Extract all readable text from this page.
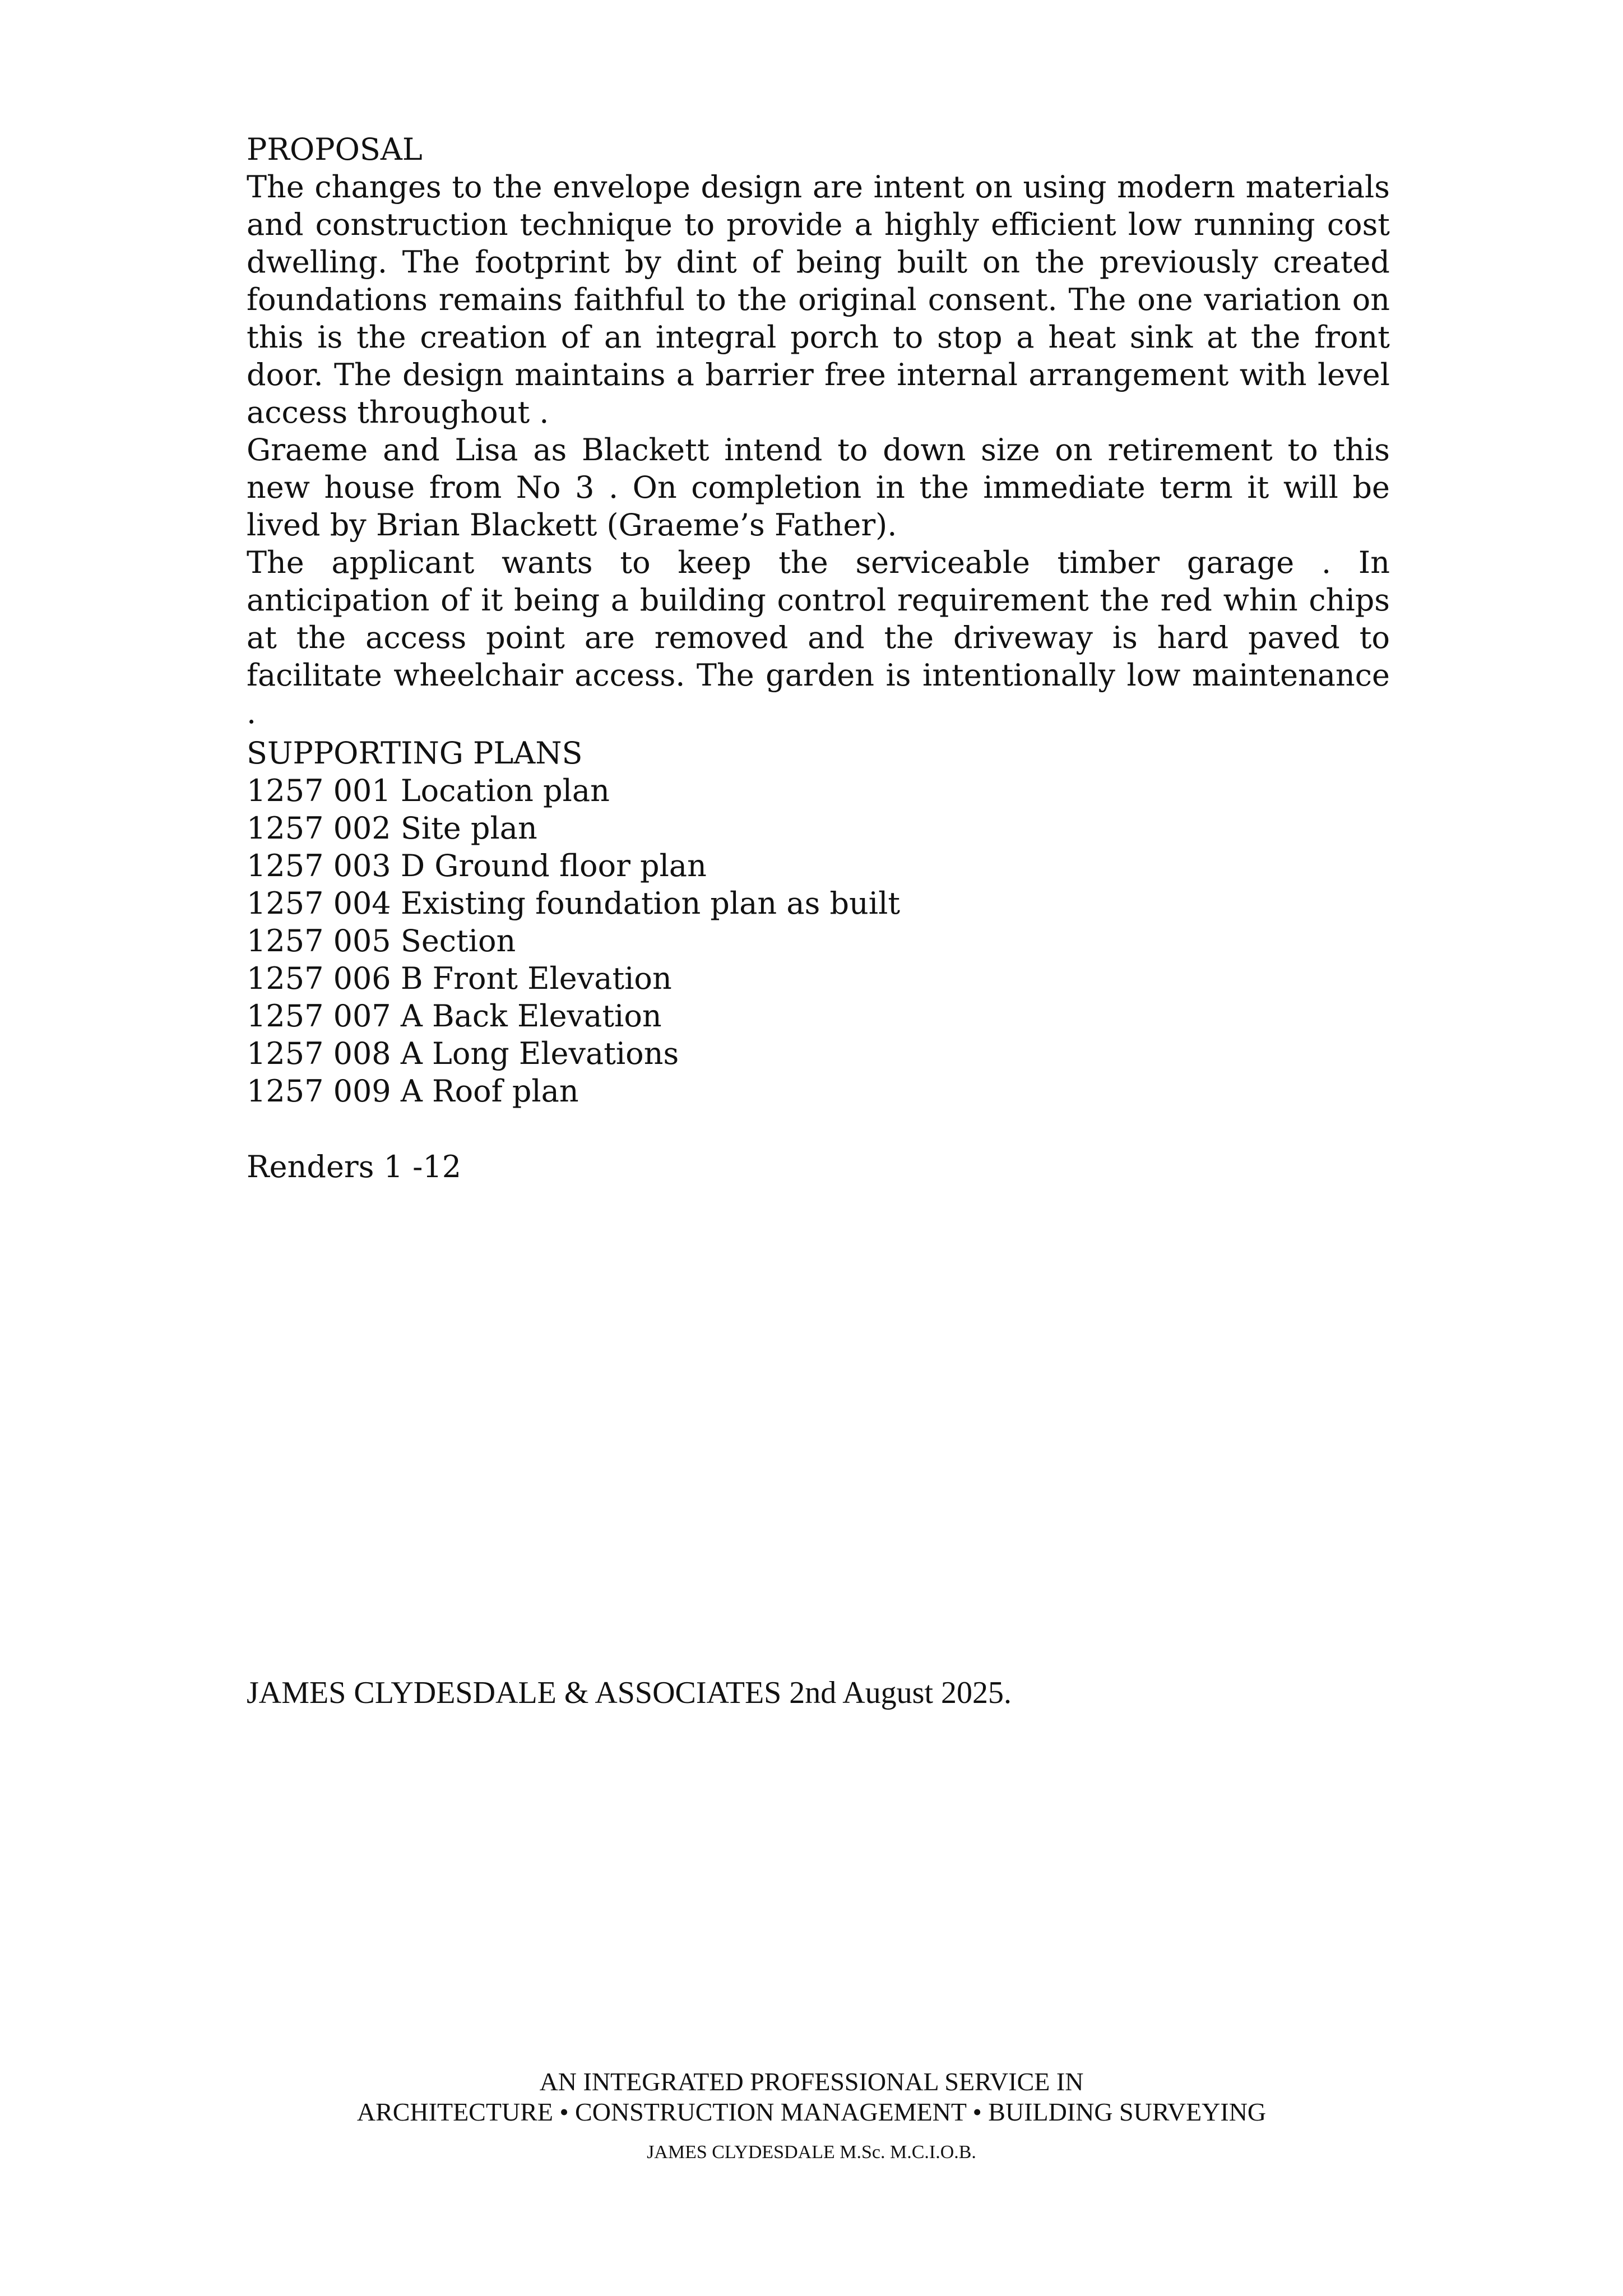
PROPOSAL

The changes to the envelope design are intent on using modern materials and construction technique to provide a highly efficient low running cost dwelling. The footprint by dint of being built on the previously created foundations remains faithful to the original consent. The one variation on this is the creation of an integral porch to stop a heat sink at the front door. The design maintains a barrier free internal arrangement with level access throughout .

Graeme and Lisa as Blackett intend to down size on retirement to this new house from No 3 . On completion in the immediate term it will be lived by Brian Blackett (Graeme’s Father).

The applicant wants to keep the serviceable timber garage . In anticipation of it being a building control requirement the red whin chips at the access point are removed and the driveway is hard paved to facilitate wheelchair access. The garden is intentionally low maintenance .

SUPPORTING PLANS
1257 001 Location plan
1257 002 Site plan
1257 003 D Ground floor plan
1257 004 Existing foundation plan as built
1257 005 Section
1257 006 B Front Elevation
1257 007 A Back Elevation
1257 008 A Long Elevations
1257 009 A Roof plan

Renders 1 -12

JAMES CLYDESDALE & ASSOCIATES 2nd August 2025.

AN INTEGRATED PROFESSIONAL SERVICE IN

ARCHITECTURE • CONSTRUCTION MANAGEMENT • BUILDING SURVEYING

JAMES CLYDESDALE M.Sc. M.C.I.O.B.
